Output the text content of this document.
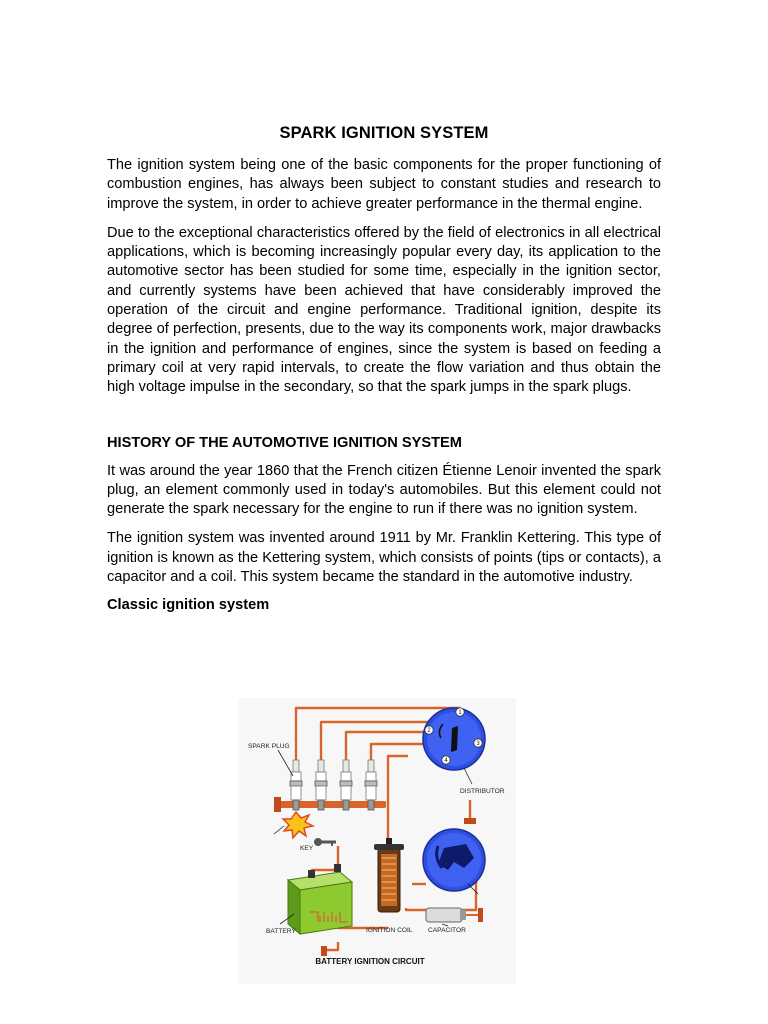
SPARK IGNITION SYSTEM

The ignition system being one of the basic components for the proper functioning of combustion engines, has always been subject to constant studies and research to improve the system, in order to achieve greater performance in the thermal engine.

Due to the exceptional characteristics offered by the field of electronics in all electrical applications, which is becoming increasingly popular every day, its application to the automotive sector has been studied for some time, especially in the ignition sector, and currently systems have been achieved that have considerably improved the operation of the circuit and engine performance. Traditional ignition, despite its degree of perfection, presents, due to the way its components work, major drawbacks in the ignition and performance of engines, since the system is based on feeding a primary coil at very rapid intervals, to create the flow variation and thus obtain the high voltage impulse in the secondary, so that the spark jumps in the spark plugs.

HISTORY OF THE AUTOMOTIVE IGNITION SYSTEM

It was around the year 1860 that the French citizen Étienne Lenoir invented the spark plug, an element commonly used in today's automobiles. But this element could not generate the spark necessary for the engine to run if there was no ignition system.

The ignition system was invented around 1911 by Mr. Franklin Kettering. This type of ignition is known as the Kettering system, which consists of points (tips or contacts), a capacitor and a coil. This system became the standard in the automotive industry.

Classic ignition system
SPARK PLUG
1
2
3
4
DISTRIBUTOR
KEY
BATTERY	IGNITION COIL CAPACITOR
BATTERY IGNITION CIRCUIT
